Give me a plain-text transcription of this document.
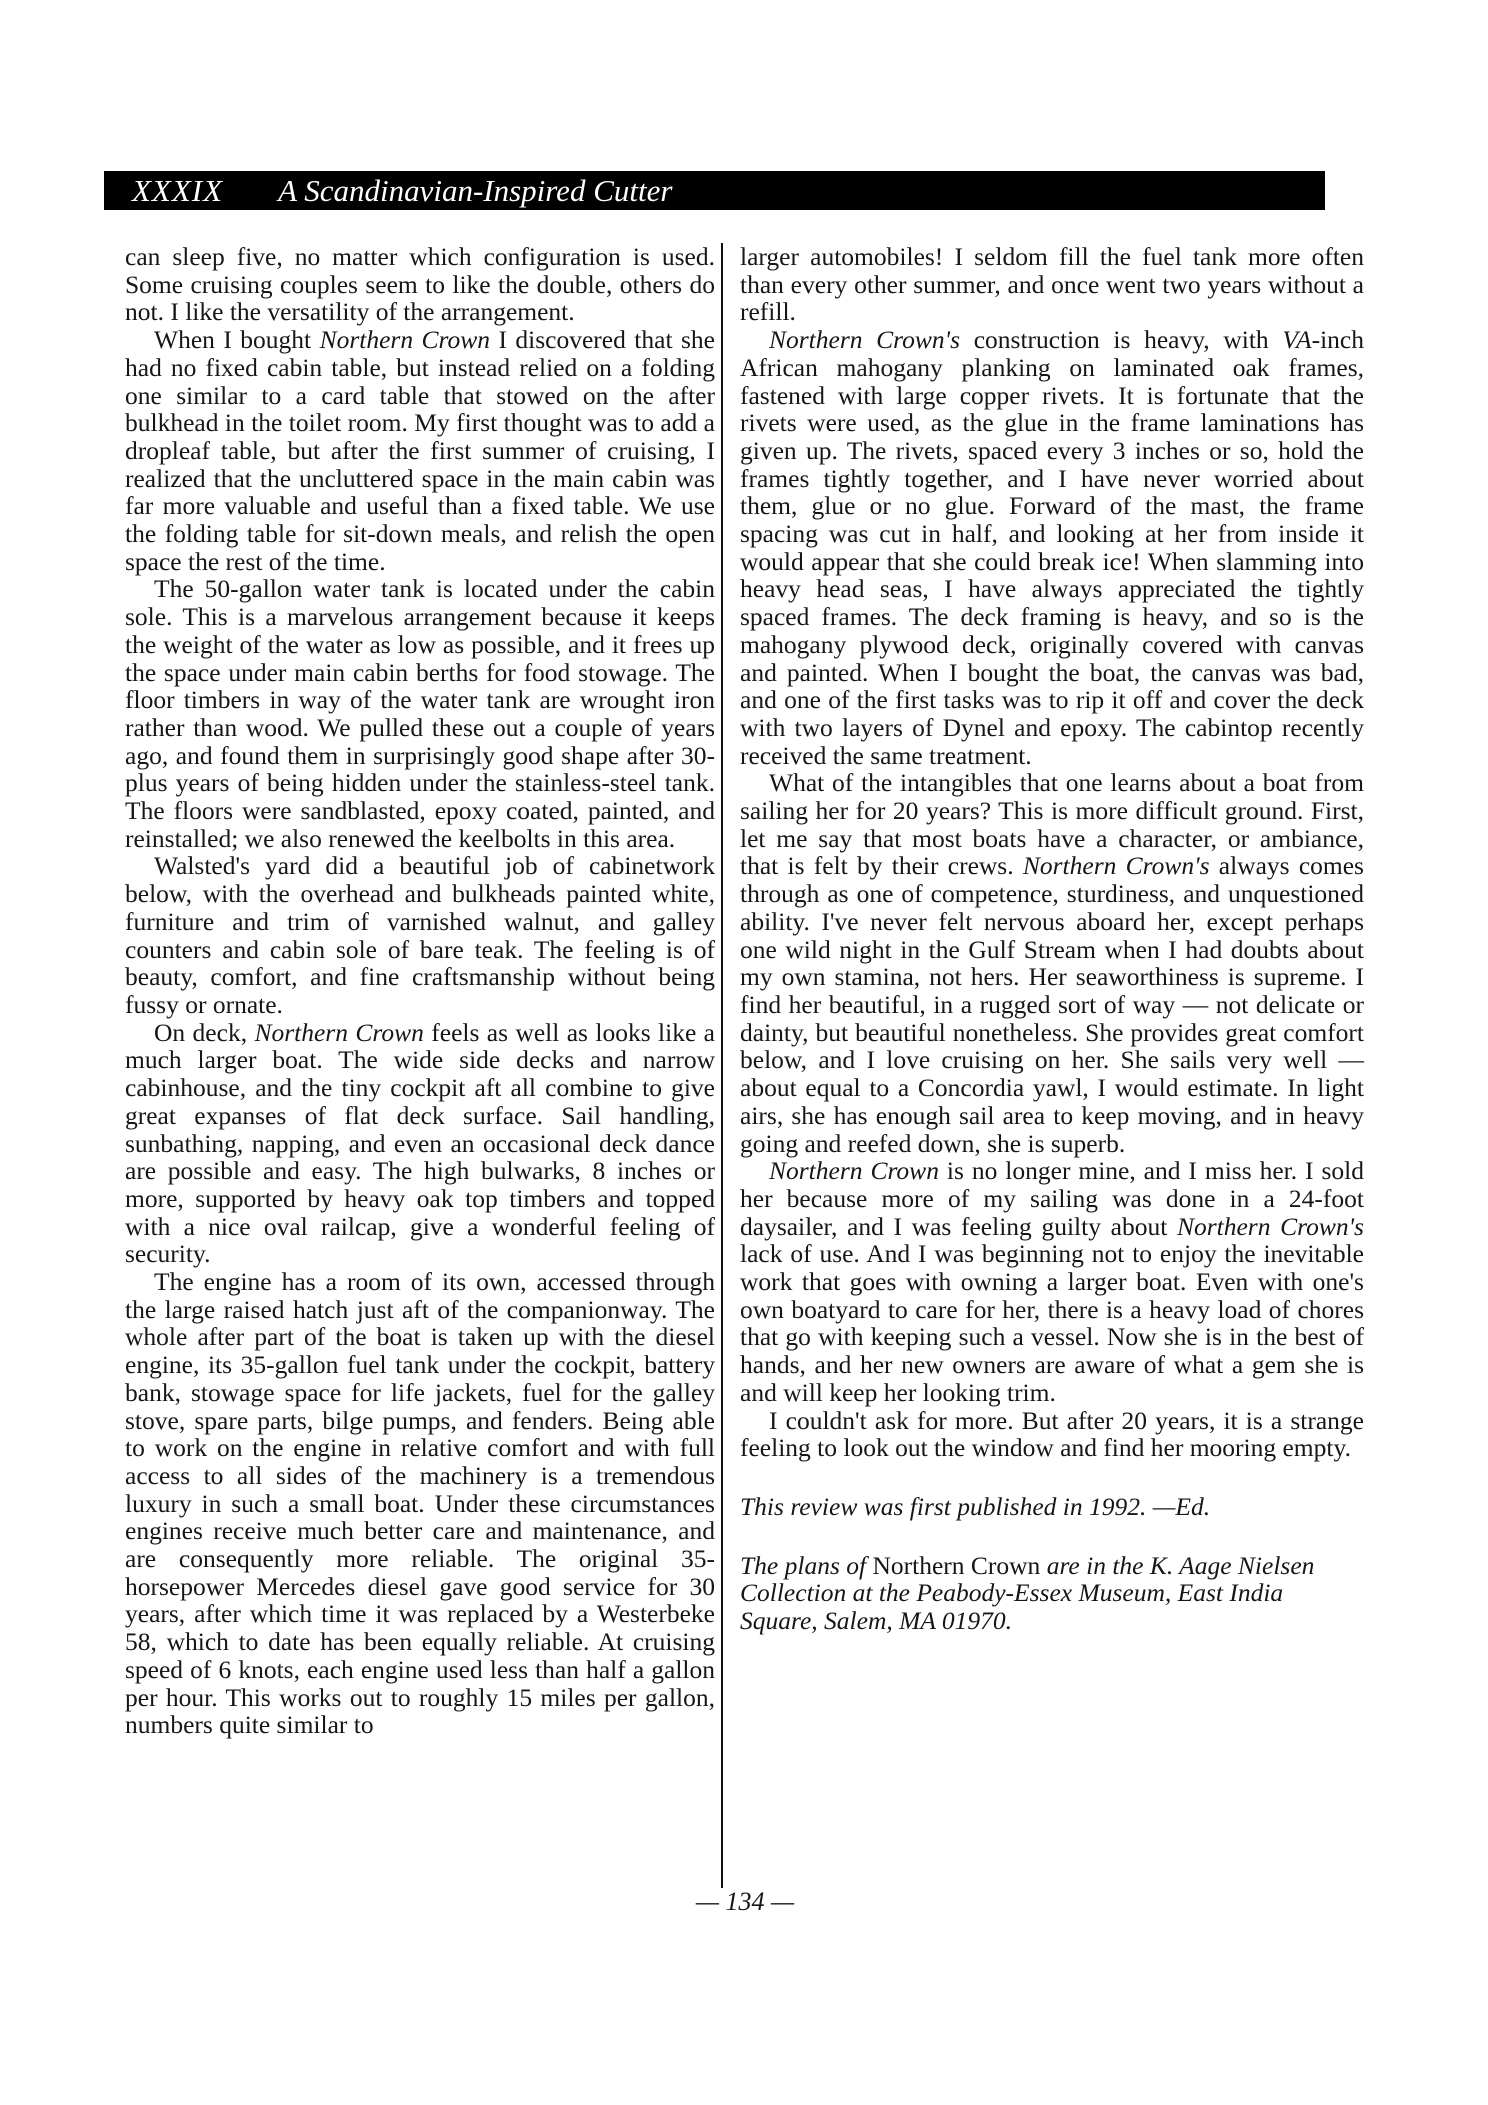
XXXIX A Scandinavian-Inspired Cutter

can sleep five, no matter which configuration is used. Some cruising couples seem to like the double, others do not. I like the versatility of the arrangement.

When I bought Northern Crown I discovered that she had no fixed cabin table, but instead relied on a folding one similar to a card table that stowed on the after bulkhead in the toilet room. My first thought was to add a dropleaf table, but after the first summer of cruising, I realized that the uncluttered space in the main cabin was far more valuable and useful than a fixed table. We use the folding table for sit-down meals, and relish the open space the rest of the time.

The 50-gallon water tank is located under the cabin sole. This is a marvelous arrangement because it keeps the weight of the water as low as possible, and it frees up the space under main cabin berths for food stowage. The floor timbers in way of the water tank are wrought iron rather than wood. We pulled these out a couple of years ago, and found them in surprisingly good shape after 30-plus years of being hidden under the stainless-steel tank. The floors were sandblasted, epoxy coated, painted, and reinstalled; we also renewed the keelbolts in this area.

Walsted's yard did a beautiful job of cabinetwork below, with the overhead and bulkheads painted white, furniture and trim of varnished walnut, and galley counters and cabin sole of bare teak. The feeling is of beauty, comfort, and fine craftsmanship without being fussy or ornate.

On deck, Northern Crown feels as well as looks like a much larger boat. The wide side decks and narrow cabinhouse, and the tiny cockpit aft all combine to give great expanses of flat deck surface. Sail handling, sunbathing, napping, and even an occasional deck dance are possible and easy. The high bulwarks, 8 inches or more, supported by heavy oak top timbers and topped with a nice oval railcap, give a wonderful feeling of security.

The engine has a room of its own, accessed through the large raised hatch just aft of the companionway. The whole after part of the boat is taken up with the diesel engine, its 35-gallon fuel tank under the cockpit, battery bank, stowage space for life jackets, fuel for the galley stove, spare parts, bilge pumps, and fenders. Being able to work on the engine in relative comfort and with full access to all sides of the machinery is a tremendous luxury in such a small boat. Under these circumstances engines receive much better care and maintenance, and are consequently more reliable. The original 35-horsepower Mercedes diesel gave good service for 30 years, after which time it was replaced by a Westerbeke 58, which to date has been equally reliable. At cruising speed of 6 knots, each engine used less than half a gallon per hour. This works out to roughly 15 miles per gallon, numbers quite similar to

larger automobiles! I seldom fill the fuel tank more often than every other summer, and once went two years without a refill.

Northern Crown's construction is heavy, with VA-inch African mahogany planking on laminated oak frames, fastened with large copper rivets. It is fortunate that the rivets were used, as the glue in the frame laminations has given up. The rivets, spaced every 3 inches or so, hold the frames tightly together, and I have never worried about them, glue or no glue. Forward of the mast, the frame spacing was cut in half, and looking at her from inside it would appear that she could break ice! When slamming into heavy head seas, I have always appreciated the tightly spaced frames. The deck framing is heavy, and so is the mahogany plywood deck, originally covered with canvas and painted. When I bought the boat, the canvas was bad, and one of the first tasks was to rip it off and cover the deck with two layers of Dynel and epoxy. The cabintop recently received the same treatment.

What of the intangibles that one learns about a boat from sailing her for 20 years? This is more difficult ground. First, let me say that most boats have a character, or ambiance, that is felt by their crews. Northern Crown's always comes through as one of competence, sturdiness, and unquestioned ability. I've never felt nervous aboard her, except perhaps one wild night in the Gulf Stream when I had doubts about my own stamina, not hers. Her seaworthiness is supreme. I find her beautiful, in a rugged sort of way — not delicate or dainty, but beautiful nonetheless. She provides great comfort below, and I love cruising on her. She sails very well — about equal to a Concordia yawl, I would estimate. In light airs, she has enough sail area to keep moving, and in heavy going and reefed down, she is superb.

Northern Crown is no longer mine, and I miss her. I sold her because more of my sailing was done in a 24-foot daysailer, and I was feeling guilty about Northern Crown's lack of use. And I was beginning not to enjoy the inevitable work that goes with owning a larger boat. Even with one's own boatyard to care for her, there is a heavy load of chores that go with keeping such a vessel. Now she is in the best of hands, and her new owners are aware of what a gem she is and will keep her looking trim.

I couldn't ask for more. But after 20 years, it is a strange feeling to look out the window and find her mooring empty.

This review was first published in 1992. —Ed.

The plans of Northern Crown are in the K. Aage Nielsen Collection at the Peabody-Essex Museum, East India Square, Salem, MA 01970.

— 134 —
